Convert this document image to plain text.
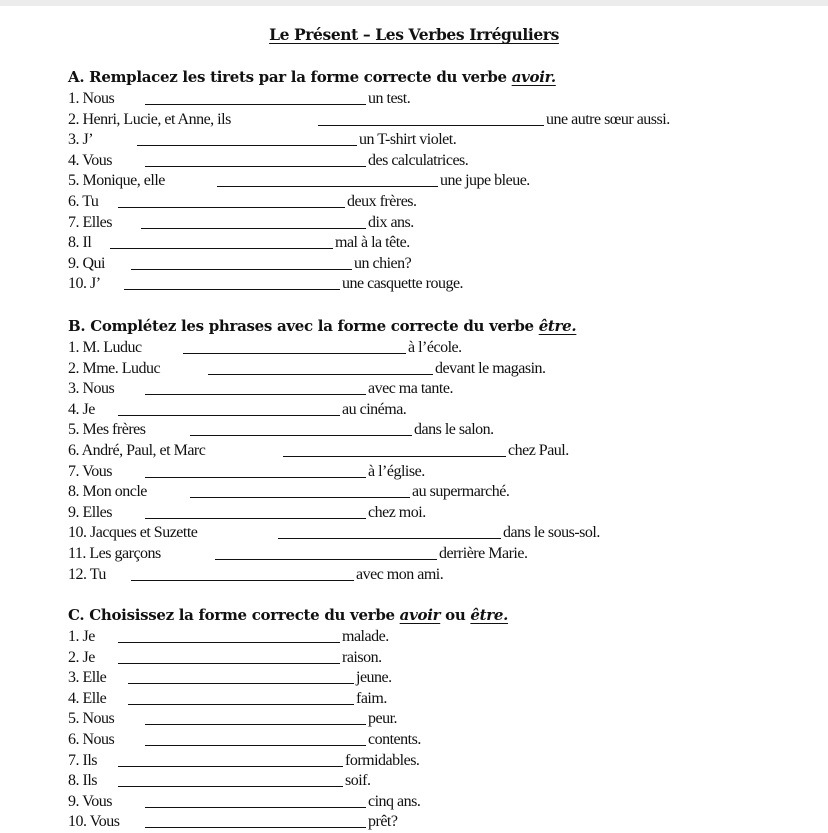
Le Présent – Les Verbes Irréguliers
A. Remplacez les tirets par la forme correcte du verbe avoir.
1. Nous	un test.
2. Henri, Lucie, et Anne, ils	une autre sœur aussi.
3. J’	un T-shirt violet.
4. Vous	des calculatrices.
5. Monique, elle	une jupe bleue.
6. Tu	deux frères.
7. Elles	dix ans.
8. Il	mal à la tête.
9. Qui	un chien?
10. J’	une casquette rouge.
B. Complétez les phrases avec la forme correcte du verbe être.
1. M. Luduc	à l’école.
2. Mme. Luduc	devant le magasin.
3. Nous	avec ma tante.
4. Je	au cinéma.
5. Mes frères	dans le salon.
6. André, Paul, et Marc	chez Paul.
7. Vous	à l’église.
8. Mon oncle	au supermarché.
9. Elles	chez moi.
10. Jacques et Suzette	dans le sous-sol.
11. Les garçons	derrière Marie.
12. Tu	avec mon ami.
C. Choisissez la forme correcte du verbe avoir ou être.
1. Je	malade.
2. Je	raison.
3. Elle	jeune.
4. Elle	faim.
5. Nous	peur.
6. Nous	contents.
7. Ils	formidables.
8. Ils	soif.
9. Vous	cinq ans.
10. Vous	prêt?
